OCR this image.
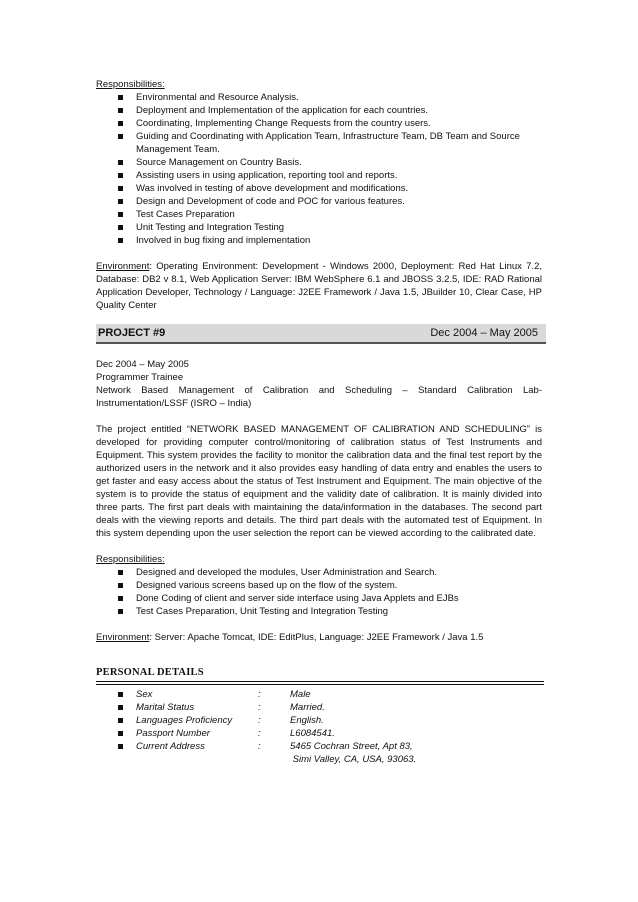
Responsibilities:
Environmental and Resource Analysis.
Deployment and Implementation of the application for each countries.
Coordinating, Implementing Change Requests from the country users.
Guiding and Coordinating with Application Team, Infrastructure Team, DB Team and Source Management Team.
Source Management on Country Basis.
Assisting users in using application, reporting tool and reports.
Was involved in testing of above development and modifications.
Design and Development of code and POC for various features.
Test Cases Preparation
Unit Testing and Integration Testing
Involved in bug fixing and implementation
Environment: Operating Environment: Development - Windows 2000, Deployment: Red Hat Linux 7.2, Database: DB2 v 8.1, Web Application Server: IBM WebSphere 6.1 and JBOSS 3.2.5, IDE: RAD Rational Application Developer, Technology / Language: J2EE Framework / Java 1.5, JBuilder 10, Clear Case, HP Quality Center
PROJECT #9	Dec 2004 – May 2005
Dec 2004 – May 2005
Programmer Trainee
Network Based Management of Calibration and Scheduling – Standard Calibration Lab-Instrumentation/LSSF (ISRO – India)
The project entitled “NETWORK BASED MANAGEMENT OF CALIBRATION AND SCHEDULING” is developed for providing computer control/monitoring of calibration status of Test Instruments and Equipment. This system provides the facility to monitor the calibration data and the final test report by the authorized users in the network and it also provides easy handling of data entry and enables the users to get faster and easy access about the status of Test Instrument and Equipment. The main objective of the system is to provide the status of equipment and the validity date of calibration. It is mainly divided into three parts. The first part deals with maintaining the data/information in the databases. The second part deals with the viewing reports and details. The third part deals with the automated test of Equipment. In this system depending upon the user selection the report can be viewed according to the calibrated date.
Responsibilities:
Designed and developed the modules, User Administration and Search.
Designed various screens based up on the flow of the system.
Done Coding of client and server side interface using Java Applets and EJBs
Test Cases Preparation, Unit Testing and Integration Testing
Environment: Server: Apache Tomcat, IDE: EditPlus, Language: J2EE Framework / Java 1.5
PERSONAL DETAILS
Sex	:	Male
Marital Status	:	Married.
Languages Proficiency	:	English.
Passport Number	:	L6084541.
Current Address	:	5465 Cochran Street, Apt 83,
		Simi Valley, CA, USA, 93063.
